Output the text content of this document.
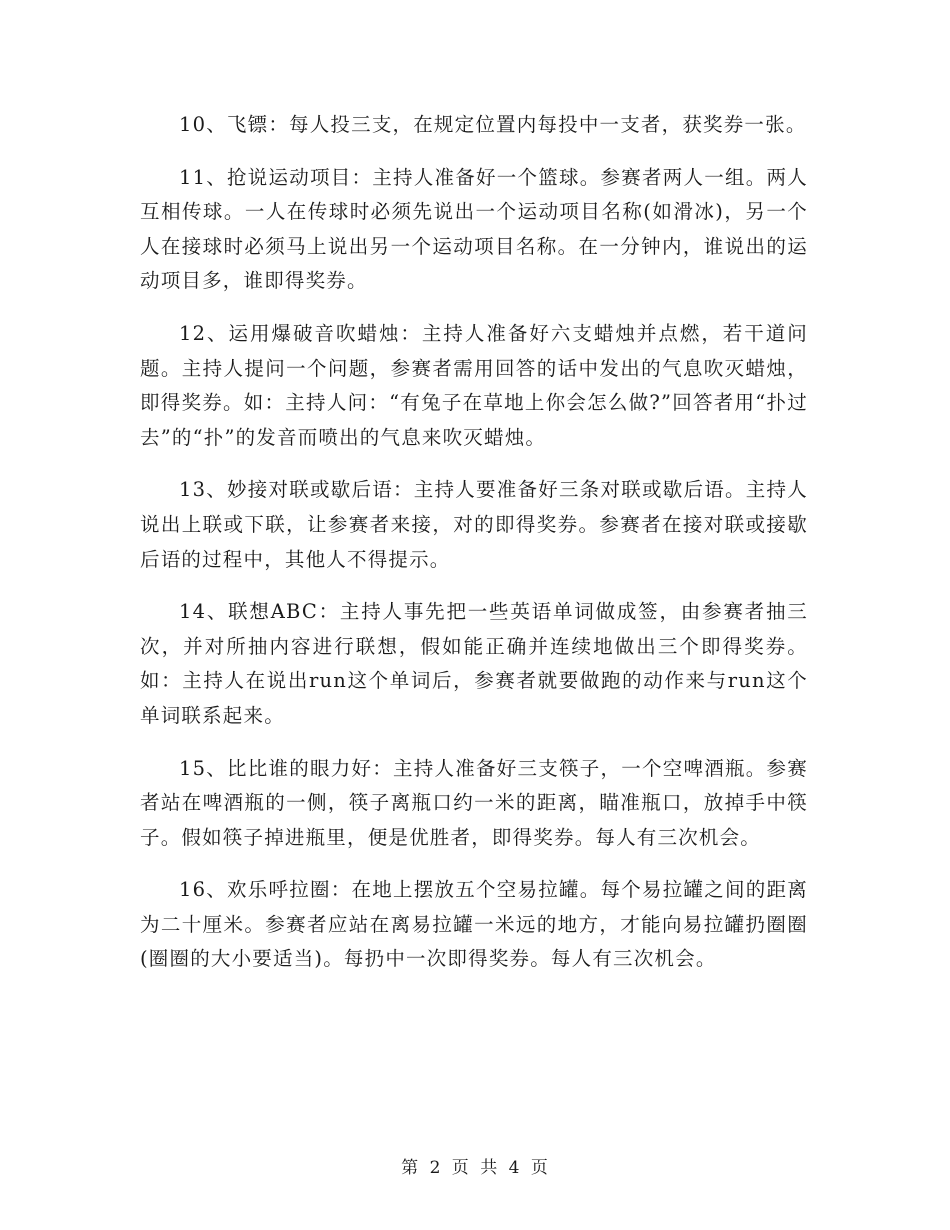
10、飞镖：每人投三支，在规定位置内每投中一支者，获奖券一张。

11、抢说运动项目：主持人准备好一个篮球。参赛者两人一组。两人互相传球。一人在传球时必须先说出一个运动项目名称(如滑冰)，另一个人在接球时必须马上说出另一个运动项目名称。在一分钟内，谁说出的运动项目多，谁即得奖券。

12、运用爆破音吹蜡烛：主持人准备好六支蜡烛并点燃，若干道问题。主持人提问一个问题，参赛者需用回答的话中发出的气息吹灭蜡烛，即得奖券。如：主持人问：“有兔子在草地上你会怎么做?”回答者用“扑过去”的“扑”的发音而喷出的气息来吹灭蜡烛。

13、妙接对联或歇后语：主持人要准备好三条对联或歇后语。主持人说出上联或下联，让参赛者来接，对的即得奖券。参赛者在接对联或接歇后语的过程中，其他人不得提示。

14、联想ABC：主持人事先把一些英语单词做成签，由参赛者抽三次，并对所抽内容进行联想，假如能正确并连续地做出三个即得奖券。如：主持人在说出run这个单词后，参赛者就要做跑的动作来与run这个单词联系起来。

15、比比谁的眼力好：主持人准备好三支筷子，一个空啤酒瓶。参赛者站在啤酒瓶的一侧，筷子离瓶口约一米的距离，瞄准瓶口，放掉手中筷子。假如筷子掉进瓶里，便是优胜者，即得奖券。每人有三次机会。

16、欢乐呼拉圈：在地上摆放五个空易拉罐。每个易拉罐之间的距离为二十厘米。参赛者应站在离易拉罐一米远的地方，才能向易拉罐扔圈圈(圈圈的大小要适当)。每扔中一次即得奖券。每人有三次机会。

第 2 页 共 4 页
